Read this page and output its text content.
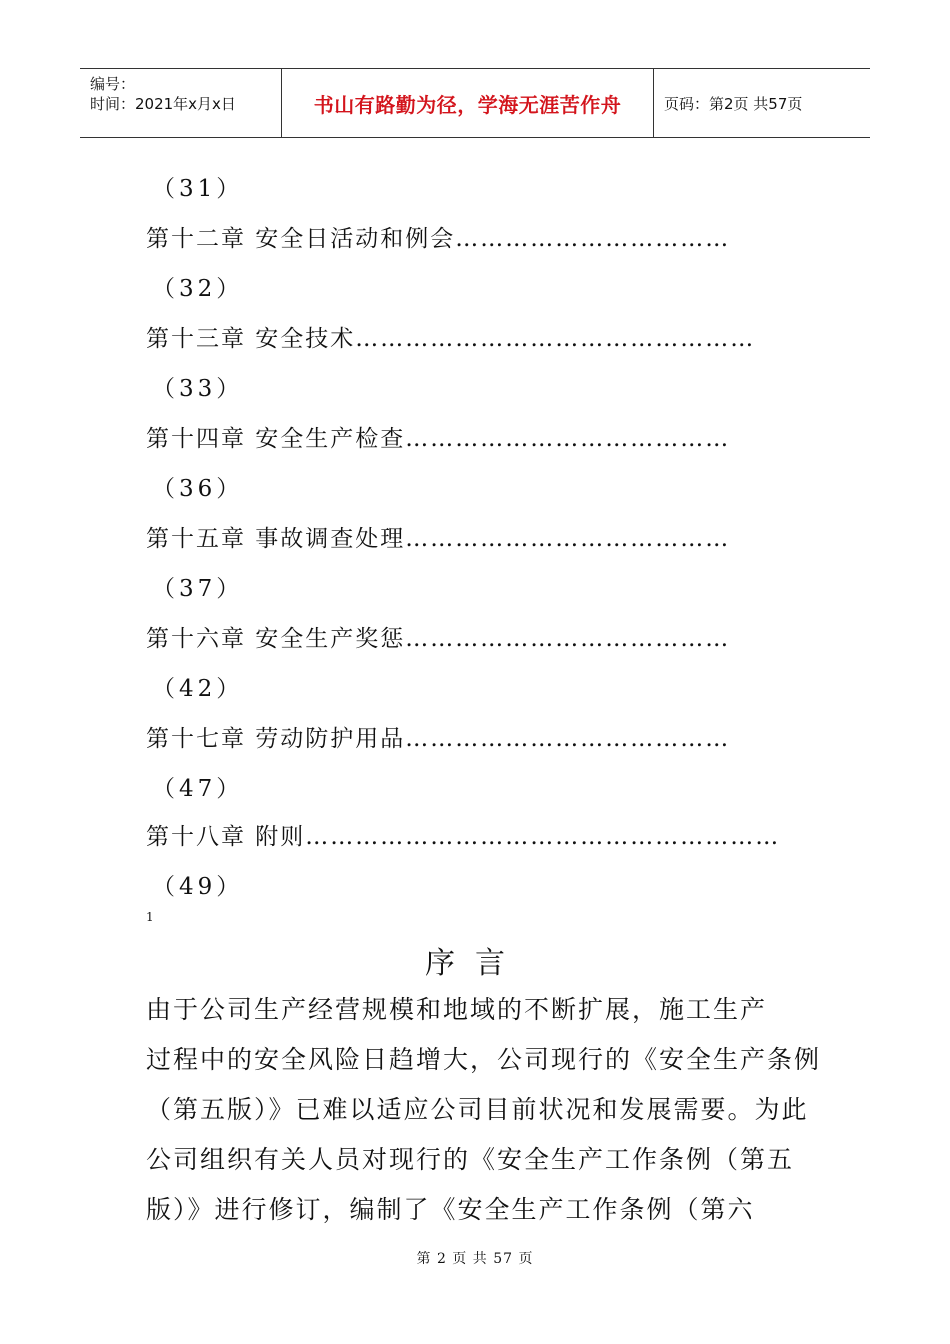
编号：
时间：2021年x月x日	书山有路勤为径，学海无涯苦作舟	页码：第2页 共57页
（31）
第十二章 安全日活动和例会……………………………
（32）
第十三章 安全技术…………………………………………
（33）
第十四章 安全生产检查…………………………………
（36）
第十五章 事故调查处理…………………………………
（37）
第十六章 安全生产奖惩…………………………………
（42）
第十七章 劳动防护用品…………………………………
（47）
第十八章 附则…………………………………………………
（49）
1
序言
由于公司生产经营规模和地域的不断扩展，施工生产
过程中的安全风险日趋增大，公司现行的《安全生产条例
（第五版）》已难以适应公司目前状况和发展需要。为此
公司组织有关人员对现行的《安全生产工作条例（第五
版）》进行修订，编制了《安全生产工作条例（第六
第 2 页 共 57 页
